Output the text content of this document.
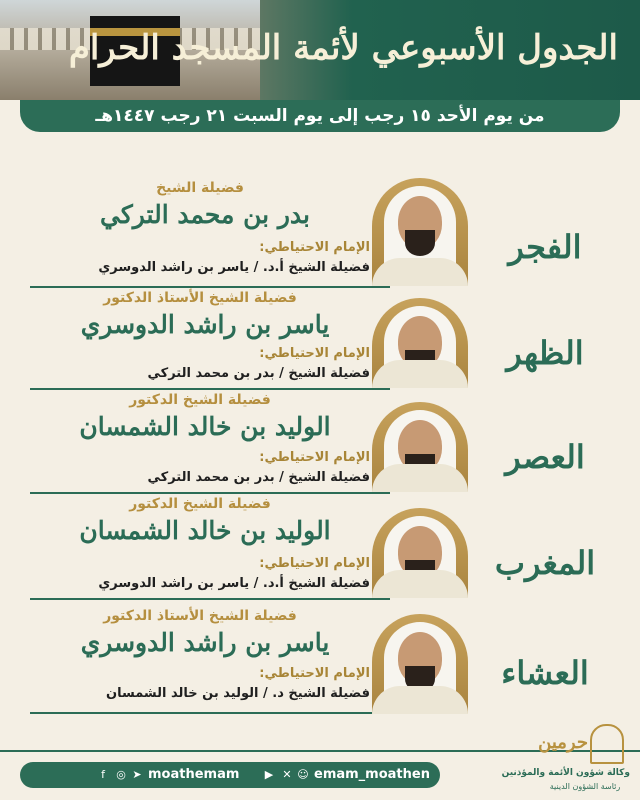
الجدول الأسبوعي لأئمة المسجد الحرام
من يوم الأحد ١٥ رجب إلى يوم السبت ٢١ رجب ١٤٤٧هـ
فضيلة الشيخ
بدر بن محمد التركي
الإمام الاحتياطي:
فضيلة الشيخ أ.د. / ياسر بن راشد الدوسري
الفجر
فضيلة الشيخ الأستاذ الدكتور
ياسر بن راشد الدوسري
الإمام الاحتياطي:
فضيلة الشيخ / بدر بن محمد التركي
الظهر
فضيلة الشيخ الدكتور
الوليد بن خالد الشمسان
الإمام الاحتياطي:
فضيلة الشيخ / بدر بن محمد التركي
العصر
فضيلة الشيخ الدكتور
الوليد بن خالد الشمسان
الإمام الاحتياطي:
فضيلة الشيخ أ.د. / ياسر بن راشد الدوسري
المغرب
فضيلة الشيخ الأستاذ الدكتور
ياسر بن راشد الدوسري
الإمام الاحتياطي:
فضيلة الشيخ د. / الوليد بن خالد الشمسان
العشاء
f	◎ ➤ moathemam ▶ ✕ ☺ emam_moathen
حرمين
وكالة شؤون الأئمة والمؤذنين
رئاسة الشؤون الدينية
